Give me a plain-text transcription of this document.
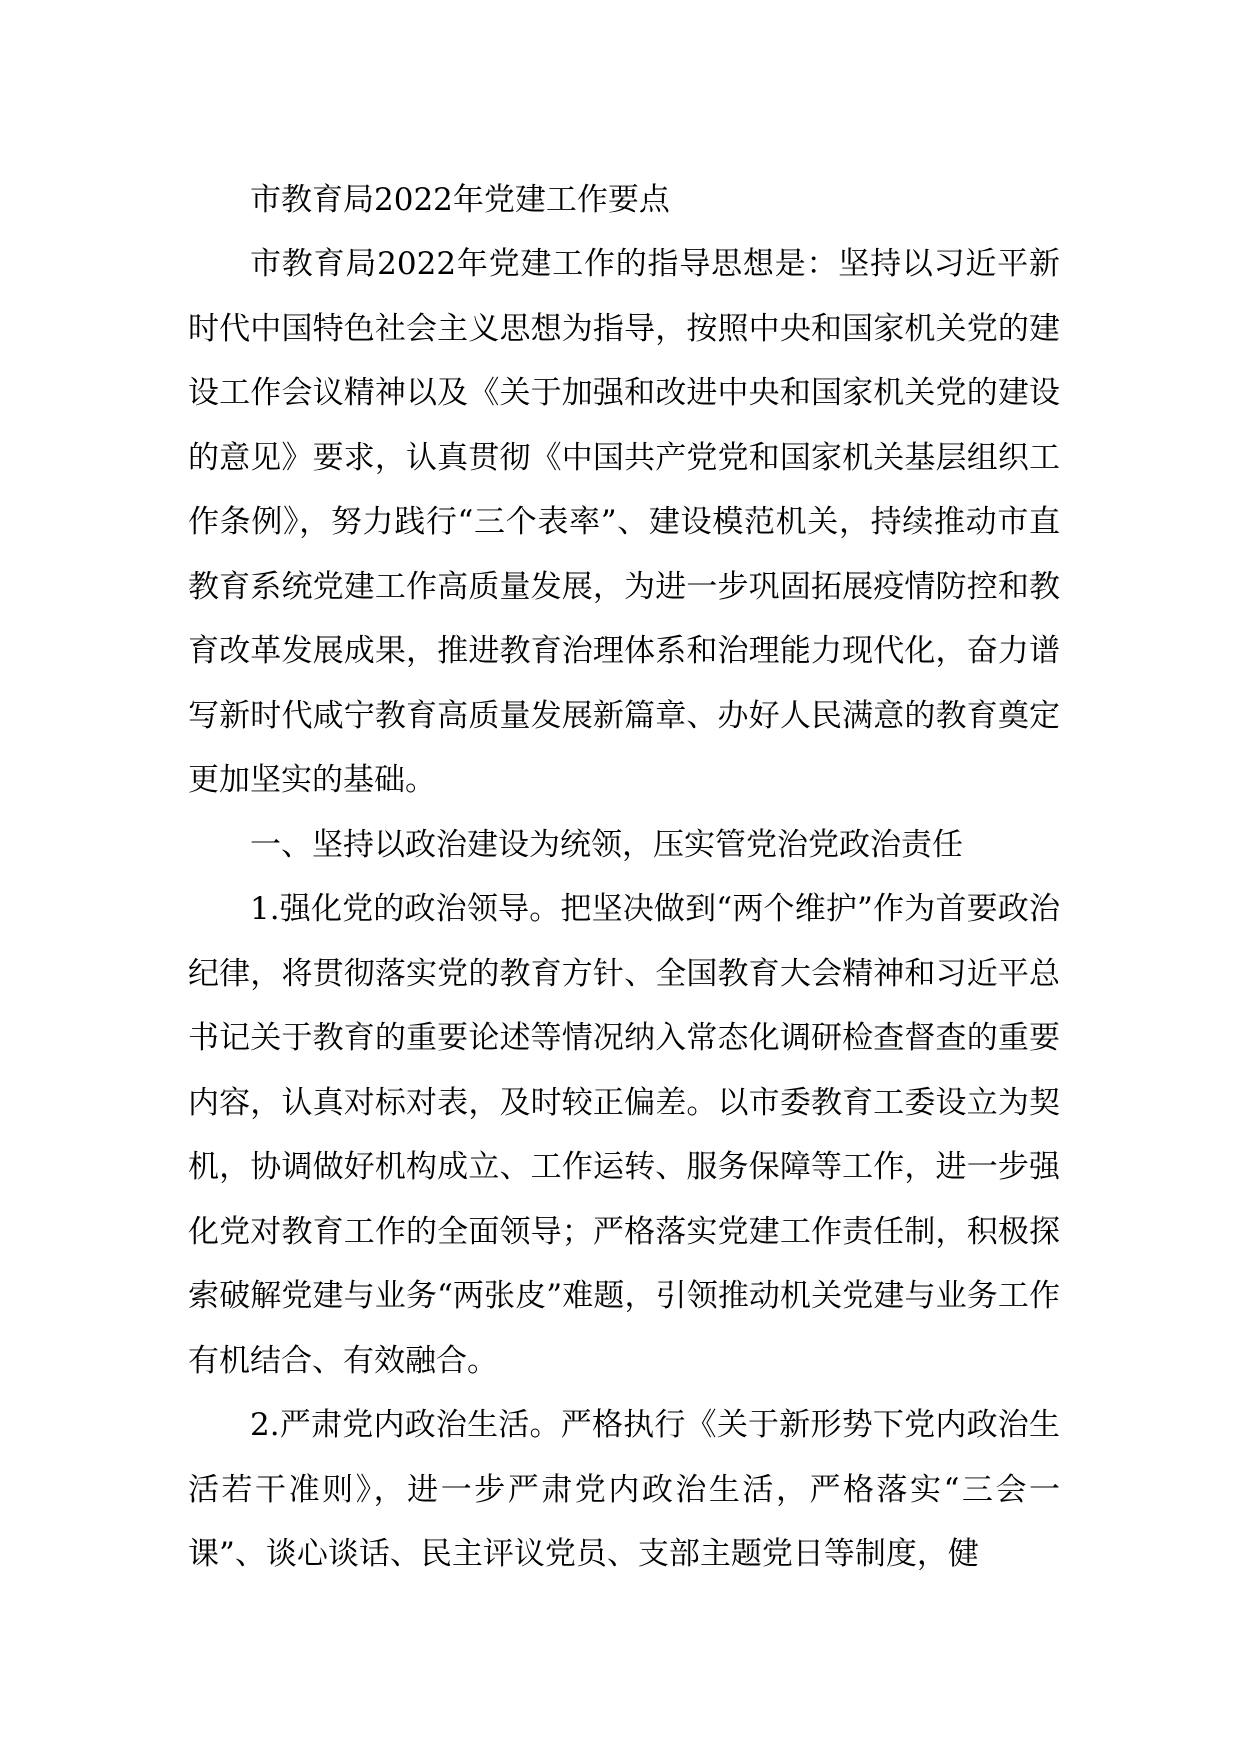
市教育局2022年党建工作要点

市教育局2022年党建工作的指导思想是：坚持以习近平新时代中国特色社会主义思想为指导，按照中央和国家机关党的建设工作会议精神以及《关于加强和改进中央和国家机关党的建设的意见》要求，认真贯彻《中国共产党党和国家机关基层组织工作条例》，努力践行“三个表率”、建设模范机关，持续推动市直教育系统党建工作高质量发展，为进一步巩固拓展疫情防控和教育改革发展成果，推进教育治理体系和治理能力现代化，奋力谱写新时代咸宁教育高质量发展新篇章、办好人民满意的教育奠定更加坚实的基础。

一、坚持以政治建设为统领，压实管党治党政治责任

1.强化党的政治领导。把坚决做到“两个维护”作为首要政治纪律，将贯彻落实党的教育方针、全国教育大会精神和习近平总书记关于教育的重要论述等情况纳入常态化调研检查督查的重要内容，认真对标对表，及时较正偏差。以市委教育工委设立为契机，协调做好机构成立、工作运转、服务保障等工作，进一步强化党对教育工作的全面领导；严格落实党建工作责任制，积极探索破解党建与业务“两张皮”难题，引领推动机关党建与业务工作有机结合、有效融合。

2.严肃党内政治生活。严格执行《关于新形势下党内政治生活若干准则》，进一步严肃党内政治生活，严格落实“三会一课”、谈心谈话、民主评议党员、支部主题党日等制度，健
